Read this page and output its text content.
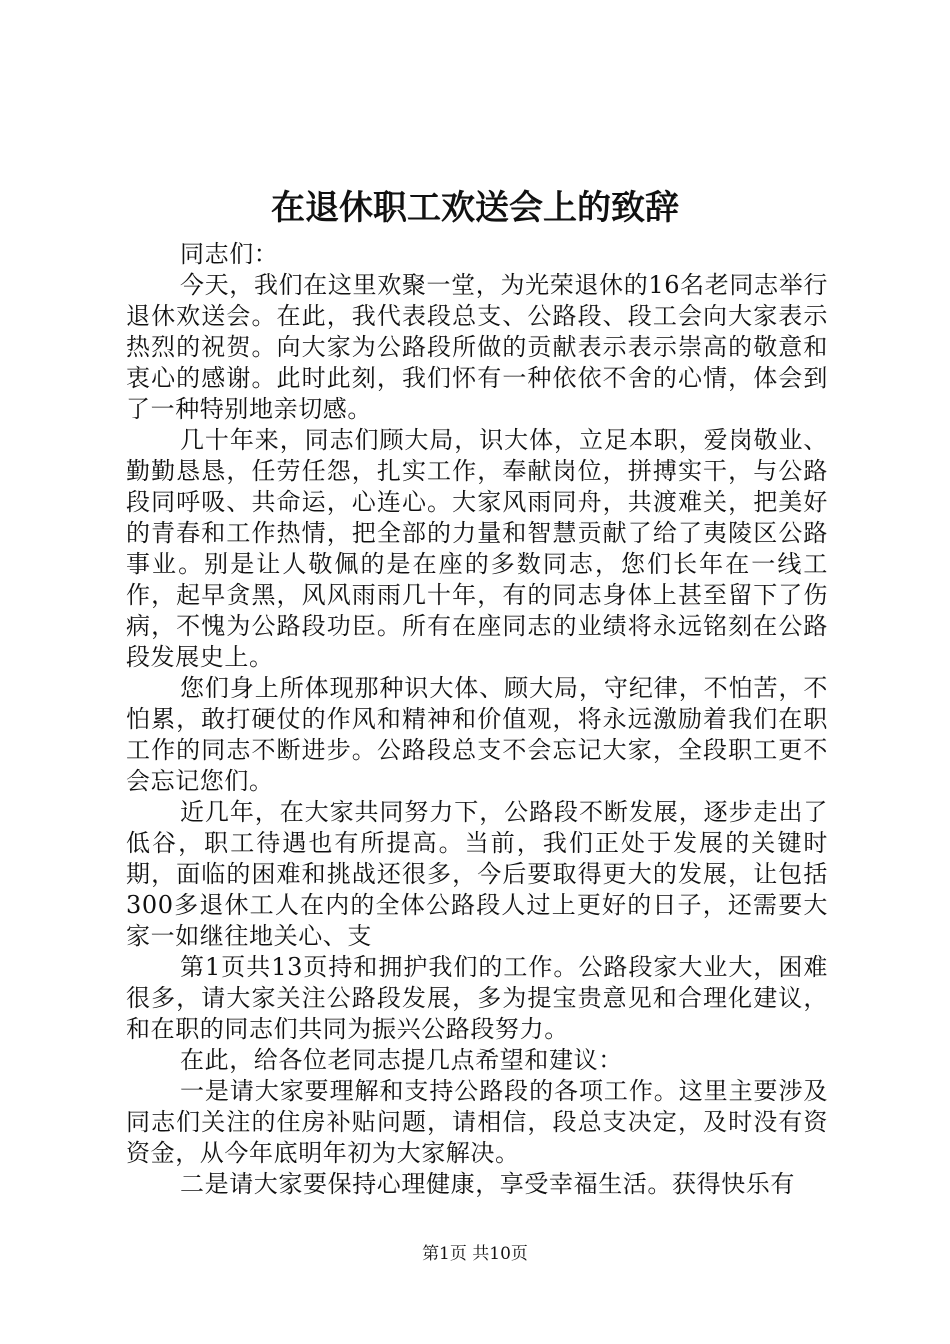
在退休职工欢送会上的致辞

同志们：

今天，我们在这里欢聚一堂，为光荣退休的16名老同志举行退休欢送会。在此，我代表段总支、公路段、段工会向大家表示热烈的祝贺。向大家为公路段所做的贡献表示表示崇高的敬意和衷心的感谢。此时此刻，我们怀有一种依依不舍的心情，体会到了一种特别地亲切感。

几十年来，同志们顾大局，识大体，立足本职，爱岗敬业、勤勤恳恳，任劳任怨，扎实工作，奉献岗位，拼搏实干，与公路段同呼吸、共命运，心连心。大家风雨同舟，共渡难关，把美好的青春和工作热情，把全部的力量和智慧贡献了给了夷陵区公路事业。别是让人敬佩的是在座的多数同志，您们长年在一线工作，起早贪黑，风风雨雨几十年，有的同志身体上甚至留下了伤病，不愧为公路段功臣。所有在座同志的业绩将永远铭刻在公路段发展史上。

您们身上所体现那种识大体、顾大局，守纪律，不怕苦，不怕累，敢打硬仗的作风和精神和价值观，将永远激励着我们在职工作的同志不断进步。公路段总支不会忘记大家，全段职工更不会忘记您们。

近几年，在大家共同努力下，公路段不断发展，逐步走出了低谷，职工待遇也有所提高。当前，我们正处于发展的关键时期，面临的困难和挑战还很多，今后要取得更大的发展，让包括300多退休工人在内的全体公路段人过上更好的日子，还需要大家一如继往地关心、支

第1页共13页持和拥护我们的工作。公路段家大业大，困难很多，请大家关注公路段发展，多为提宝贵意见和合理化建议，和在职的同志们共同为振兴公路段努力。

在此，给各位老同志提几点希望和建议：

一是请大家要理解和支持公路段的各项工作。这里主要涉及同志们关注的住房补贴问题，请相信，段总支决定，及时没有资资金，从今年底明年初为大家解决。

二是请大家要保持心理健康，享受幸福生活。获得快乐有

第1页 共10页
